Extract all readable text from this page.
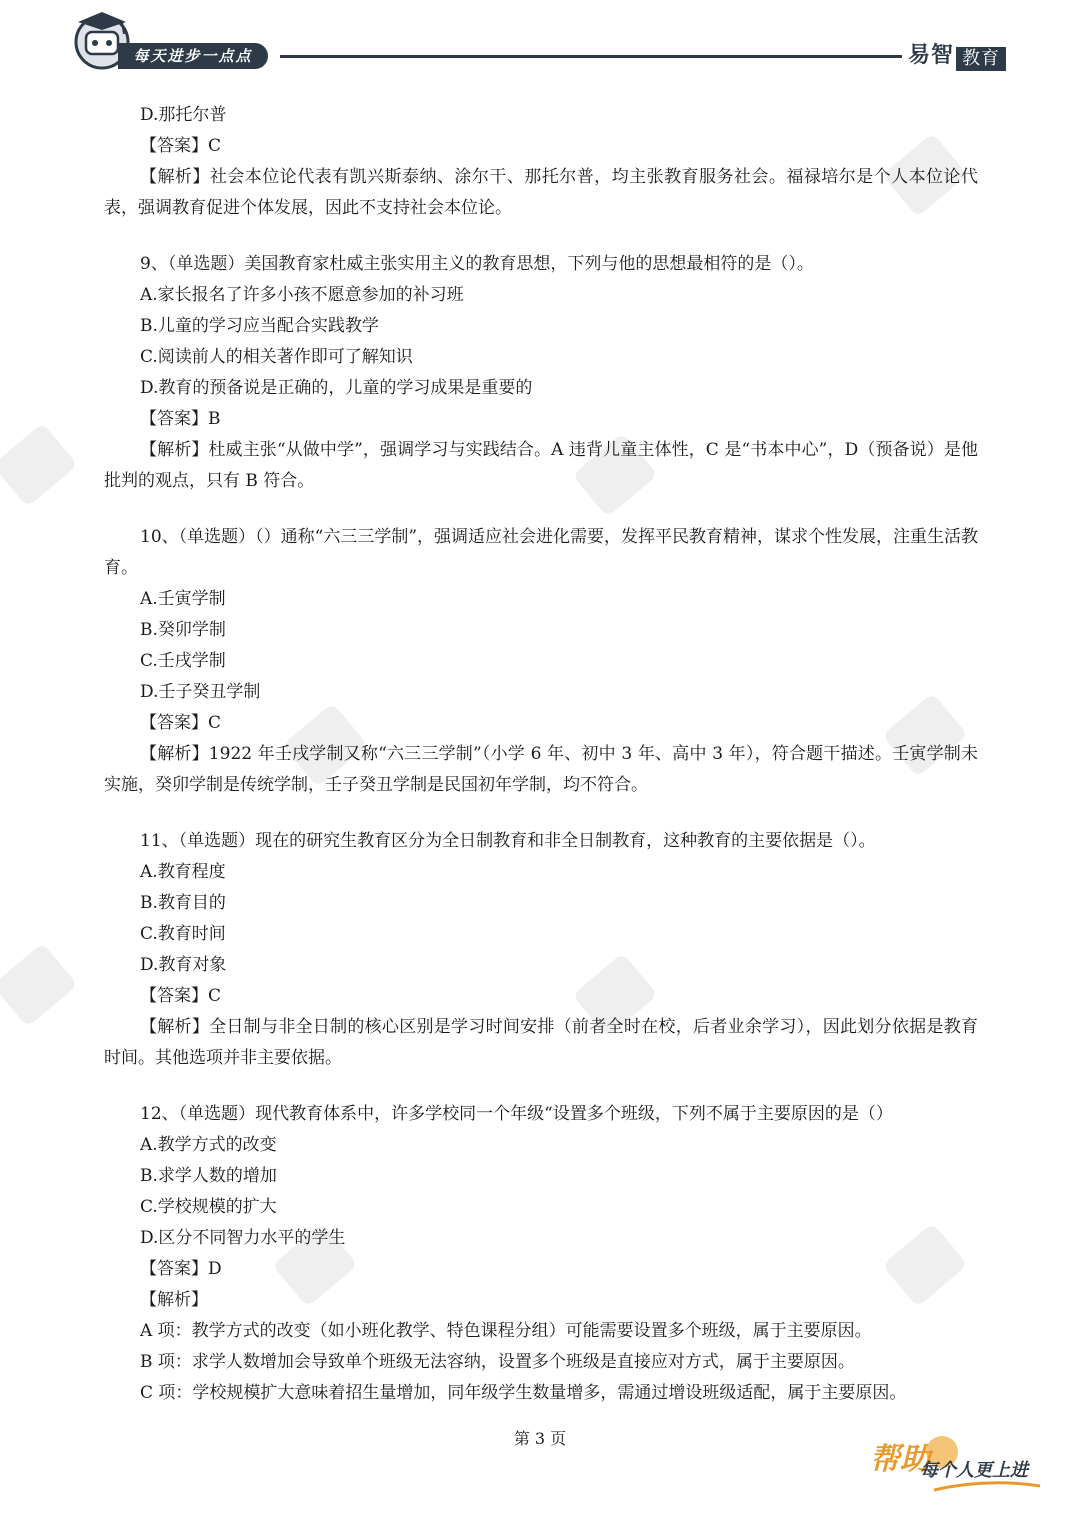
每天进步一点点	易智 教育
D.那托尔普
【答案】C
【解析】社会本位论代表有凯兴斯泰纳、涂尔干、那托尔普，均主张教育服务社会。福禄培尔是个人本位论代表，强调教育促进个体发展，因此不支持社会本位论。
9、（单选题）美国教育家杜威主张实用主义的教育思想，下列与他的思想最相符的是（）。
A.家长报名了许多小孩不愿意参加的补习班
B.儿童的学习应当配合实践教学
C.阅读前人的相关著作即可了解知识
D.教育的预备说是正确的，儿童的学习成果是重要的
【答案】B
【解析】杜威主张“从做中学”，强调学习与实践结合。A 违背儿童主体性，C 是“书本中心”，D（预备说）是他批判的观点，只有 B 符合。
10、（单选题）（）通称“六三三学制”，强调适应社会进化需要，发挥平民教育精神，谋求个性发展，注重生活教育。
A.壬寅学制
B.癸卯学制
C.壬戌学制
D.壬子癸丑学制
【答案】C
【解析】1922 年壬戌学制又称“六三三学制”（小学 6 年、初中 3 年、高中 3 年），符合题干描述。壬寅学制未实施，癸卯学制是传统学制，壬子癸丑学制是民国初年学制，均不符合。
11、（单选题）现在的研究生教育区分为全日制教育和非全日制教育，这种教育的主要依据是（）。
A.教育程度
B.教育目的
C.教育时间
D.教育对象
【答案】C
【解析】全日制与非全日制的核心区别是学习时间安排（前者全时在校，后者业余学习），因此划分依据是教育时间。其他选项并非主要依据。
12、（单选题）现代教育体系中，许多学校同一个年级“设置多个班级，下列不属于主要原因的是（）
A.教学方式的改变
B.求学人数的增加
C.学校规模的扩大
D.区分不同智力水平的学生
【答案】D
【解析】
A 项：教学方式的改变（如小班化教学、特色课程分组）可能需要设置多个班级，属于主要原因。
B 项：求学人数增加会导致单个班级无法容纳，设置多个班级是直接应对方式，属于主要原因。
C 项：学校规模扩大意味着招生量增加，同年级学生数量增多，需通过增设班级适配，属于主要原因。
第 3 页
帮助
每个人更上进
